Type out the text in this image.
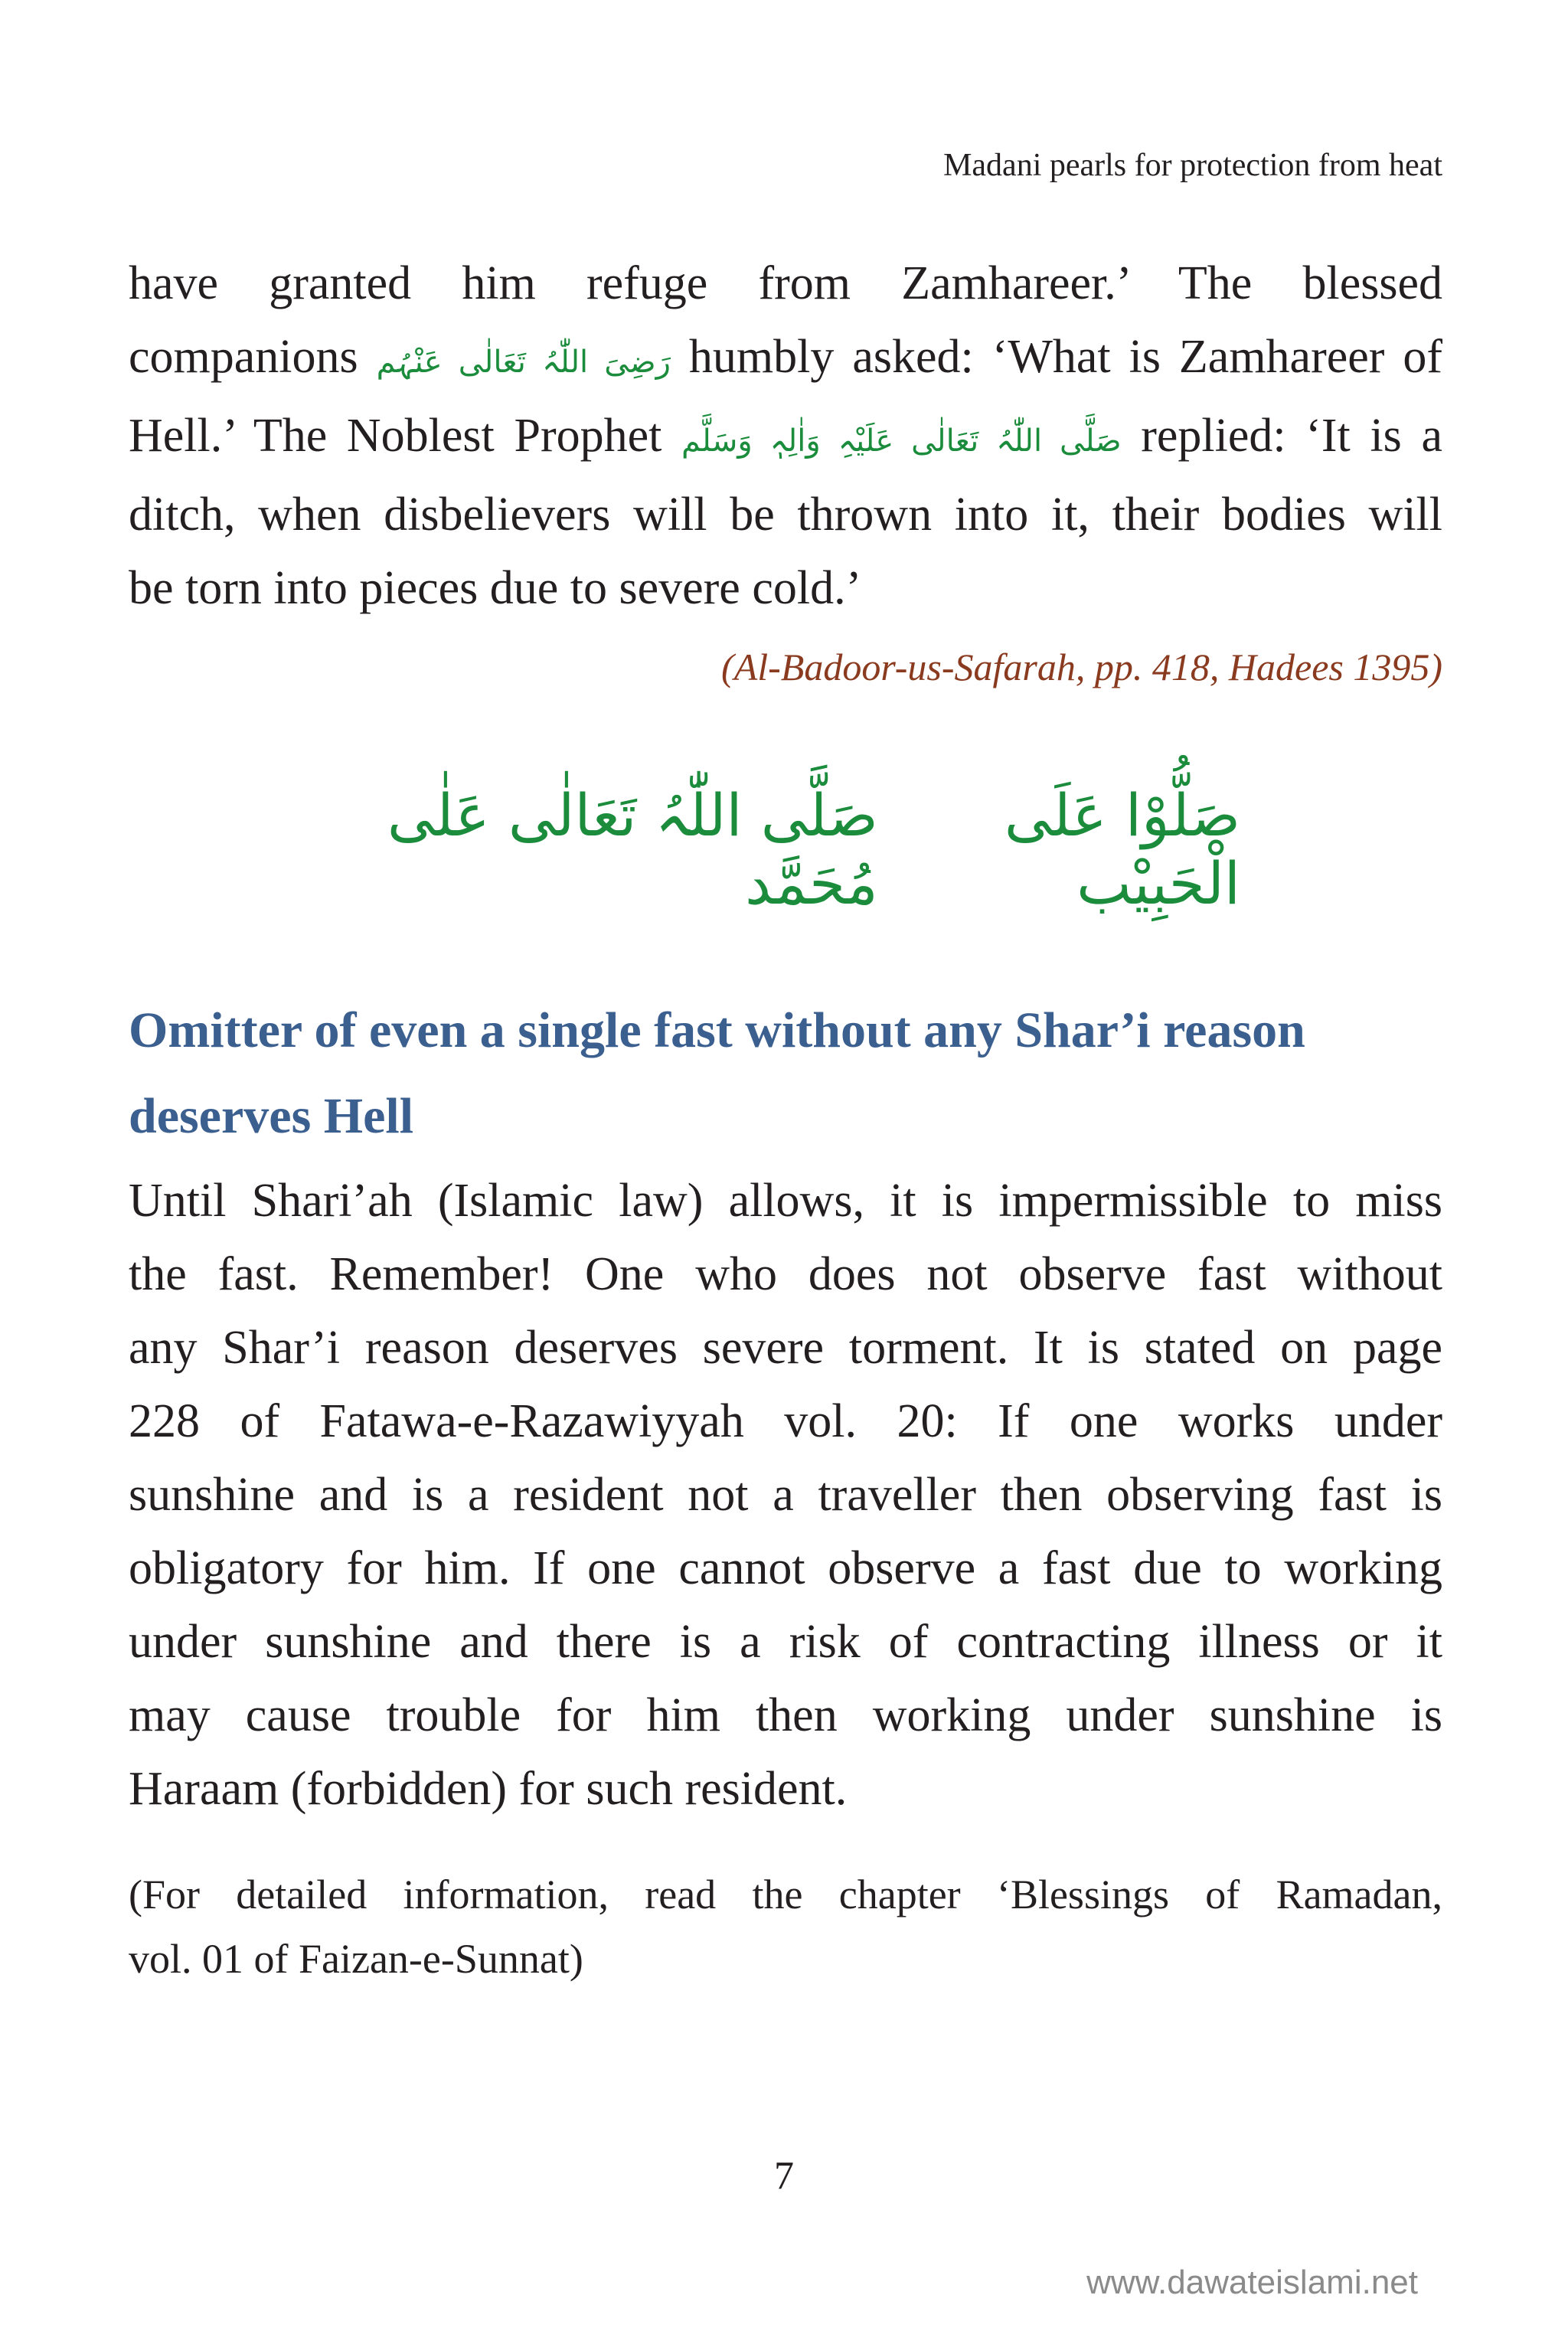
Madani pearls for protection from heat
have granted him refuge from Zamhareer.’ The blessed
companions رَضِیَ اللّٰہُ تَعَالٰی عَنْہُم humbly asked: ‘What is Zamhareer of
Hell.’ The Noblest Prophet صَلَّی اللّٰہُ تَعَالٰی عَلَیْہِ وَاٰلِہٖ وَسَلَّم replied: ‘It is a
ditch, when disbelievers will be thrown into it, their bodies will
be torn into pieces due to severe cold.’
(Al-Badoor-us-Safarah, pp. 418, Hadees 1395)
صَلُّوْا عَلَی الْحَبِیْب
صَلَّی اللّٰہُ تَعَالٰی عَلٰی مُحَمَّد
Omitter of even a single fast without any Shar’i reason
deserves Hell
Until Shari’ah (Islamic law) allows, it is impermissible to miss
the fast. Remember! One who does not observe fast without
any Shar’i reason deserves severe torment. It is stated on page
228 of Fatawa-e-Razawiyyah vol. 20: If one works under
sunshine and is a resident not a traveller then observing fast is
obligatory for him. If one cannot observe a fast due to working
under sunshine and there is a risk of contracting illness or it
may cause trouble for him then working under sunshine is
Haraam (forbidden) for such resident.
(For detailed information, read the chapter ‘Blessings of Ramadan,
vol. 01 of Faizan-e-Sunnat)
7
www.dawateislami.net
